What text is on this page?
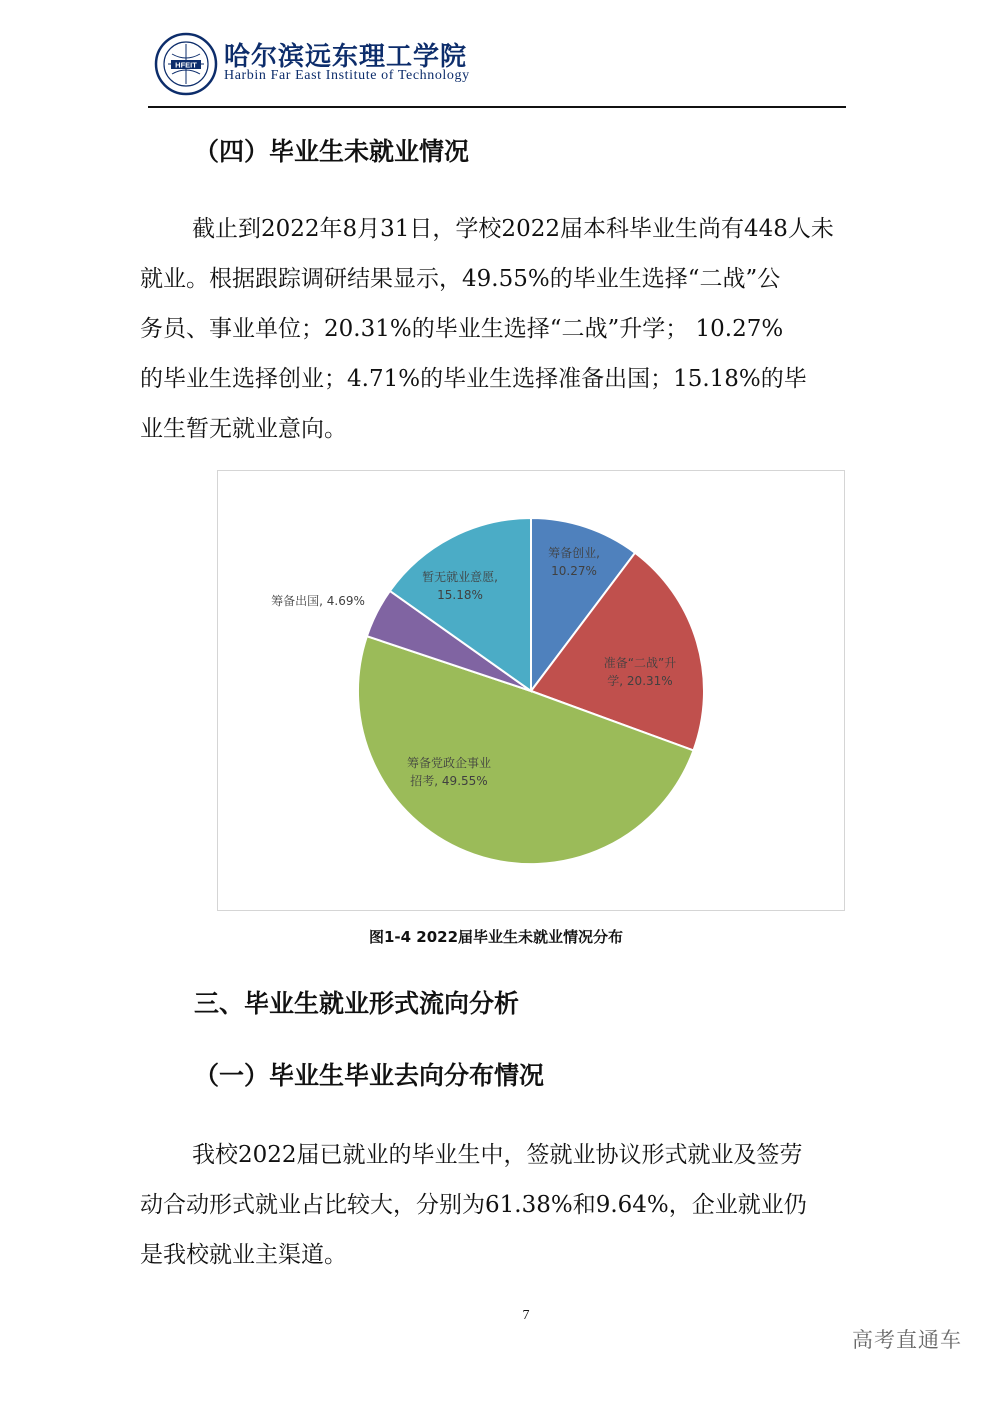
HFEIT 哈尔滨远东理工学院
Harbin Far East Institute of Technology
（四）毕业生未就业情况
截止到2022年8月31日，学校2022届本科毕业生尚有448人未
就业。根据跟踪调研结果显示，49.55%的毕业生选择“二战”公
务员、事业单位；20.31%的毕业生选择“二战”升学； 10.27%
的毕业生选择创业；4.71%的毕业生选择准备出国；15.18%的毕
业生暂无就业意向。
筹备创业, 10.27%
准备“二战”升学, 20.31%
筹备党政企事业招考, 49.55%
筹备出国, 4.69%
暂无就业意愿, 15.18%
图1-4 2022届毕业生未就业情况分布
三、毕业生就业形式流向分析
（一）毕业生毕业去向分布情况
我校2022届已就业的毕业生中，签就业协议形式就业及签劳
动合动形式就业占比较大，分别为61.38%和9.64%，企业就业仍
是我校就业主渠道。
7
高考直通车
